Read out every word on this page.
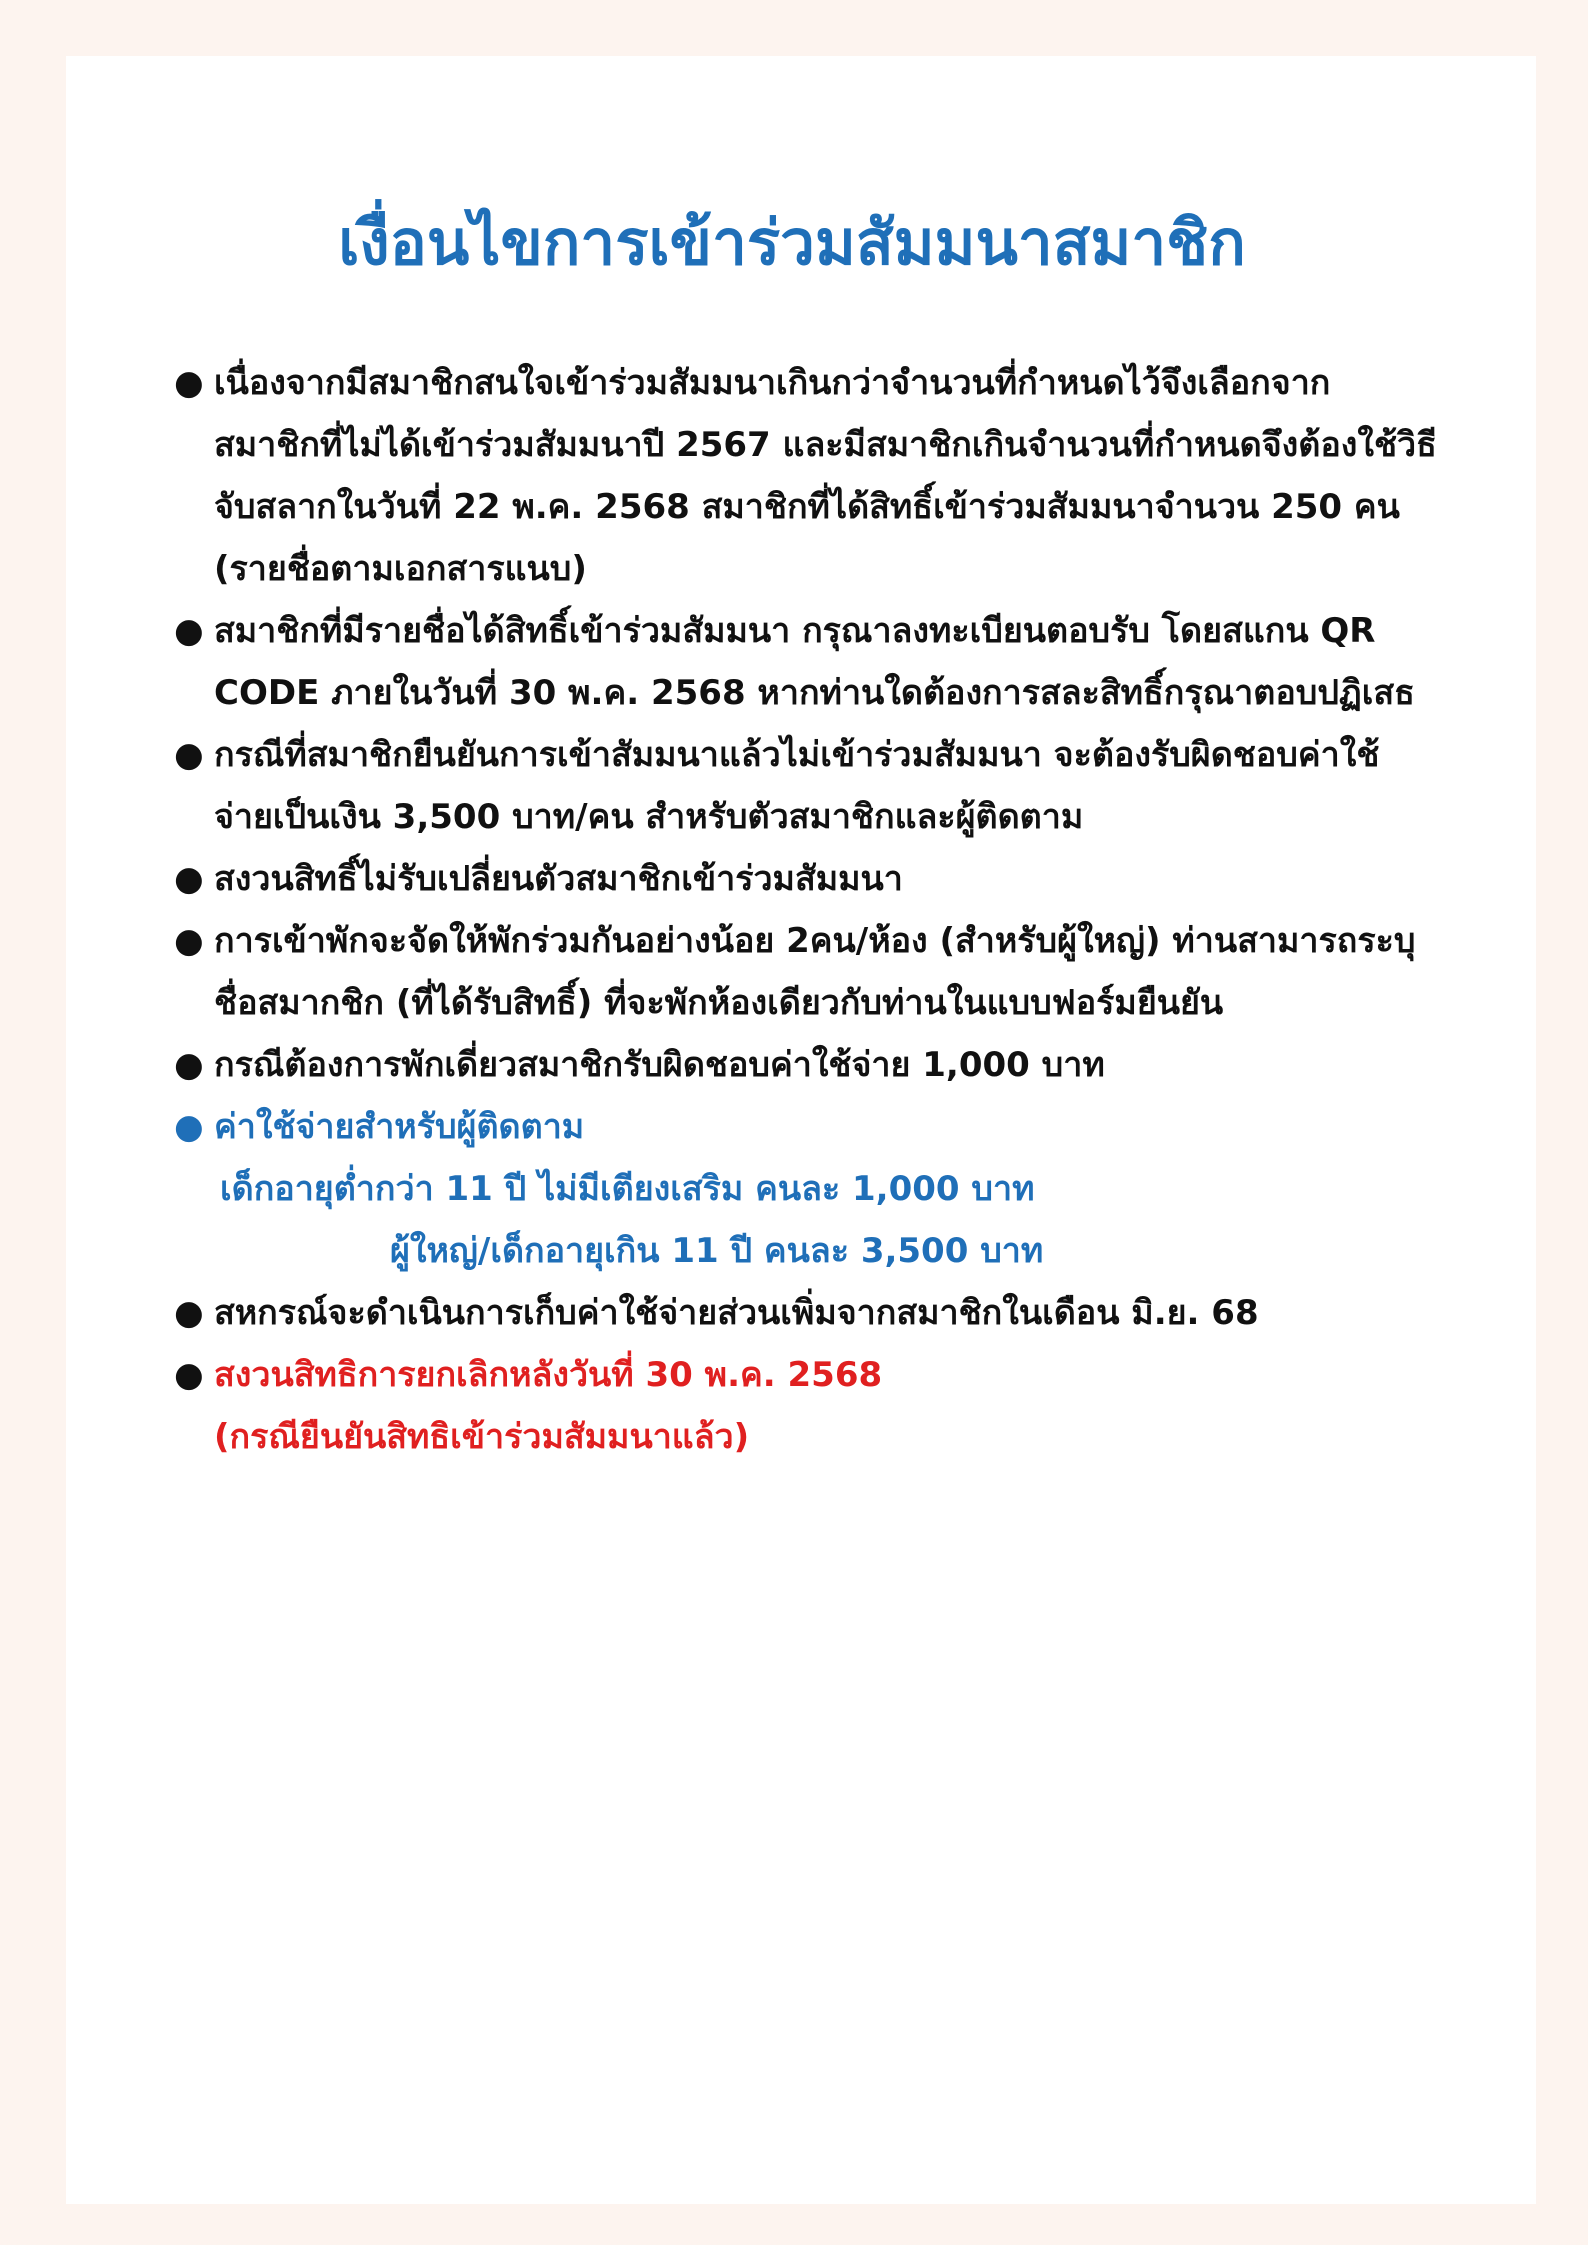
เงื่อนไขการเข้าร่วมสัมมนาสมาชิก
● เนื่องจากมีสมาชิกสนใจเข้าร่วมสัมมนาเกินกว่าจำนวนที่กำหนดไว้จึงเลือกจาก
สมาชิกที่ไม่ได้เข้าร่วมสัมมนาปี 2567 และมีสมาชิกเกินจำนวนที่กำหนดจึงต้องใช้วิธี
จับสลากในวันที่ 22 พ.ค. 2568 สมาชิกที่ได้สิทธิ์เข้าร่วมสัมมนาจำนวน 250 คน
(รายชื่อตามเอกสารแนบ)
● สมาชิกที่มีรายชื่อได้สิทธิ์เข้าร่วมสัมมนา กรุณาลงทะเบียนตอบรับ โดยสแกน QR
CODE ภายในวันที่ 30 พ.ค. 2568 หากท่านใดต้องการสละสิทธิ์กรุณาตอบปฏิเสธ
● กรณีที่สมาชิกยืนยันการเข้าสัมมนาแล้วไม่เข้าร่วมสัมมนา จะต้องรับผิดชอบค่าใช้
จ่ายเป็นเงิน 3,500 บาท/คน สำหรับตัวสมาชิกและผู้ติดตาม
● สงวนสิทธิ์ไม่รับเปลี่ยนตัวสมาชิกเข้าร่วมสัมมนา
● การเข้าพักจะจัดให้พักร่วมกันอย่างน้อย 2คน/ห้อง (สำหรับผู้ใหญ่) ท่านสามารถระบุ
ชื่อสมากชิก (ที่ได้รับสิทธิ์) ที่จะพักห้องเดียวกับท่านในแบบฟอร์มยืนยัน
● กรณีต้องการพักเดี่ยวสมาชิกรับผิดชอบค่าใช้จ่าย 1,000 บาท
● ค่าใช้จ่ายสำหรับผู้ติดตาม
เด็กอายุต่ำกว่า 11 ปี ไม่มีเตียงเสริม คนละ 1,000 บาท
ผู้ใหญ่/เด็กอายุเกิน 11 ปี คนละ 3,500 บาท
● สหกรณ์จะดำเนินการเก็บค่าใช้จ่ายส่วนเพิ่มจากสมาชิกในเดือน มิ.ย. 68
● สงวนสิทธิการยกเลิกหลังวันที่ 30 พ.ค. 2568
(กรณียืนยันสิทธิเข้าร่วมสัมมนาแล้ว)
